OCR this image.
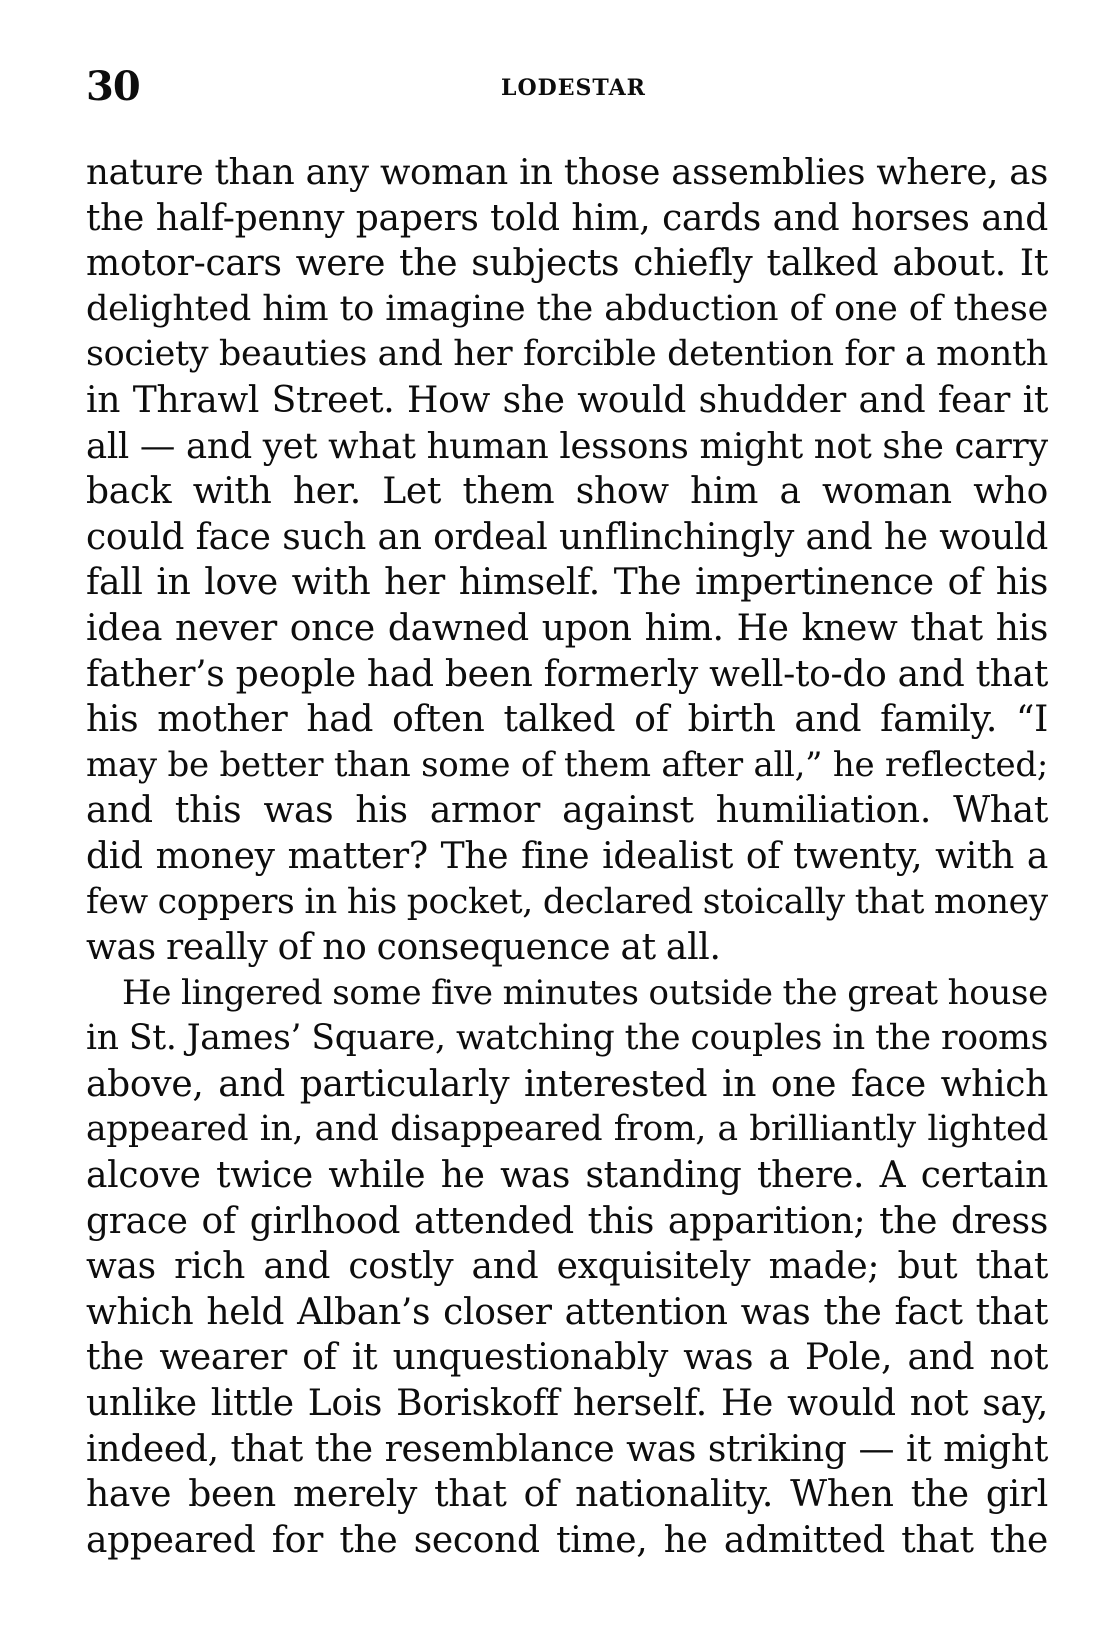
30	LODESTAR
nature than any woman in those assemblies where, as
the half-penny papers told him, cards and horses and
motor-cars were the subjects chiefly talked about. It
delighted him to imagine the abduction of one of these
society beauties and her forcible detention for a month
in Thrawl Street. How she would shudder and fear it
all — and yet what human lessons might not she carry
back with her. Let them show him a woman who
could face such an ordeal unflinchingly and he would
fall in love with her himself. The impertinence of his
idea never once dawned upon him. He knew that his
father’s people had been formerly well-to-do and that
his mother had often talked of birth and family. “I
may be better than some of them after all,” he reflected;
and this was his armor against humiliation. What
did money matter? The fine idealist of twenty, with a
few coppers in his pocket, declared stoically that money
was really of no consequence at all.
He lingered some five minutes outside the great house
in St. James’ Square, watching the couples in the rooms
above, and particularly interested in one face which
appeared in, and disappeared from, a brilliantly lighted
alcove twice while he was standing there. A certain
grace of girlhood attended this apparition; the dress
was rich and costly and exquisitely made; but that
which held Alban’s closer attention was the fact that
the wearer of it unquestionably was a Pole, and not
unlike little Lois Boriskoff herself. He would not say,
indeed, that the resemblance was striking — it might
have been merely that of nationality. When the girl
appeared for the second time, he admitted that the
